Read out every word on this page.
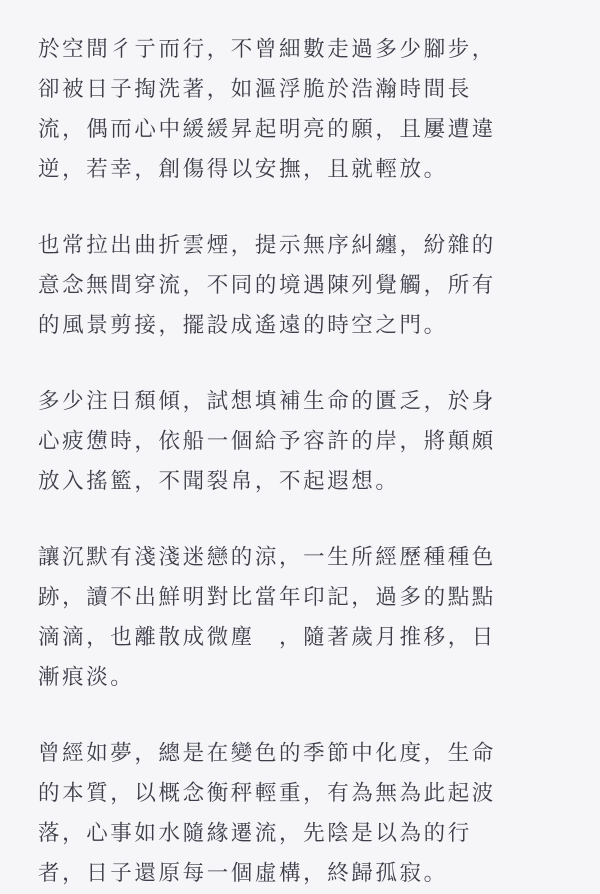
於空間彳亍而行，不曾細數走過多少腳步，
卻被日子掏洗著，如漚浮脆於浩瀚時間長
流，偶而心中緩緩昇起明亮的願，且屢遭違
逆，若幸，創傷得以安撫，且就輕放。
也常拉出曲折雲煙，提示無序糾纏，紛雜的
意念無間穿流，不同的境遇陳列覺觸，所有
的風景剪接，擺設成遙遠的時空之門。
多少注日頹傾，試想填補生命的匱乏，於身
心疲憊時，依船一個給予容許的岸，將顛頗
放入搖籃，不聞裂帛，不起遐想。
讓沉默有淺淺迷戀的涼，一生所經歷種種色
跡，讀不出鮮明對比當年印記，過多的點點
滴滴，也離散成微塵　，隨著歲月推移，日
漸痕淡。
曾經如夢，總是在變色的季節中化度，生命
的本質，以概念衡秤輕重，有為無為此起波
落，心事如水隨緣遷流，先陰是以為的行
者，日子還原每一個虛構，終歸孤寂。
